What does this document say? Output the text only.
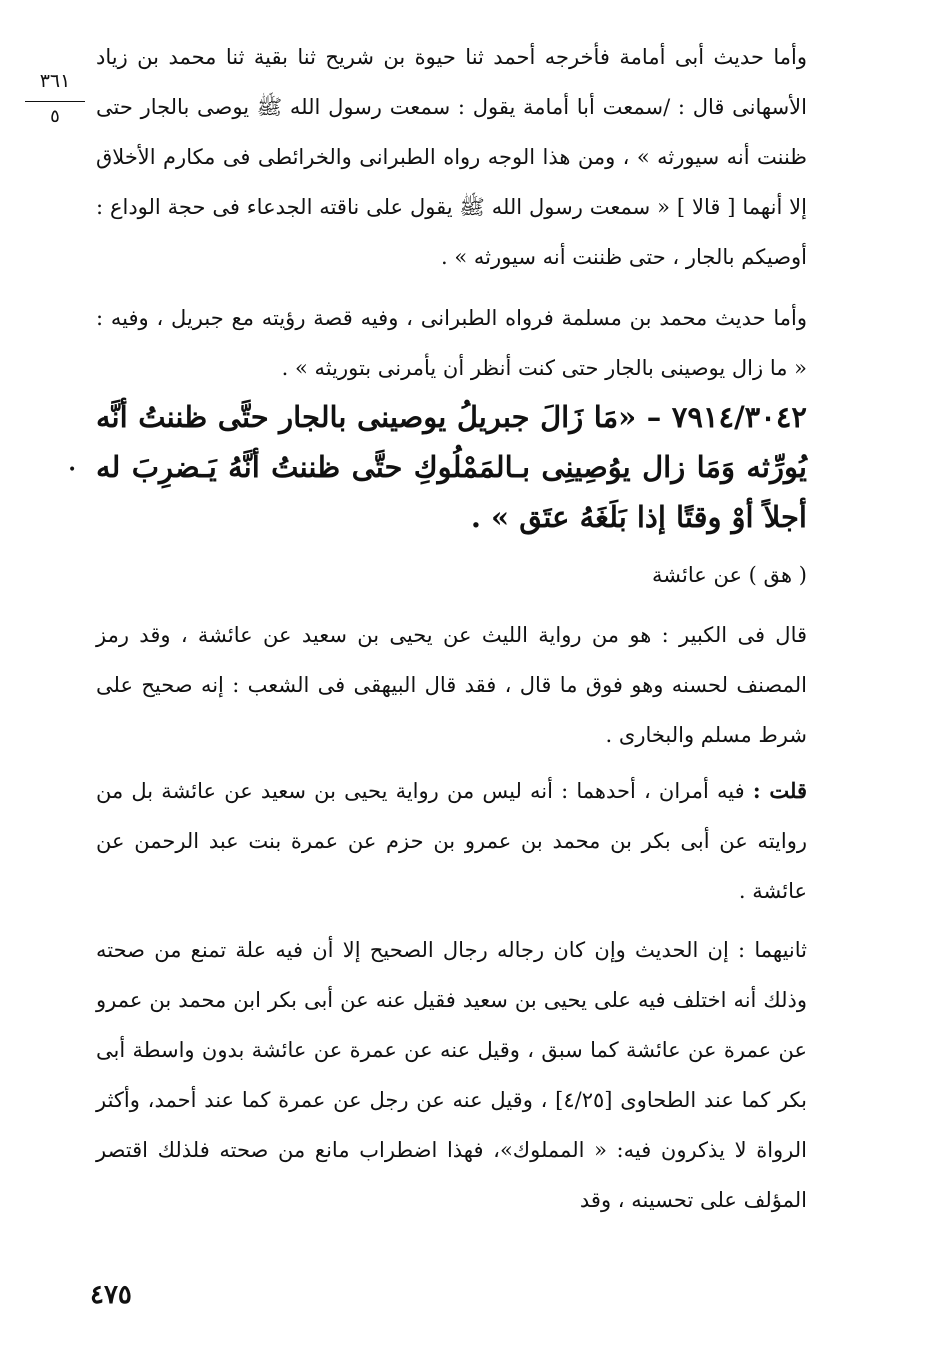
٣٦١
٥

وأما حديث أبى أمامة فأخرجه أحمد ثنا حيوة بن شريح ثنا بقية ثنا محمد بن زياد الأسهانى قال : /سمعت أبا أمامة يقول : سمعت رسول الله ﷺ يوصى بالجار حتى ظننت أنه سيورثه » ، ومن هذا الوجه رواه الطبرانى والخرائطى فى مكارم الأخلاق إلا أنهما [ قالا ] « سمعت رسول الله ﷺ يقول على ناقته الجدعاء فى حجة الوداع : أوصيكم بالجار ، حتى ظننت أنه سيورثه » .

وأما حديث محمد بن مسلمة فرواه الطبرانى ، وفيه قصة رؤيته مع جبريل ، وفيه : « ما زال يوصينى بالجار حتى كنت أنظر أن يأمرنى بتوريثه » .

٧٩١٤/٣٠٤٢ – «مَا زَالَ جبريلُ يوصينى بالجار حتَّى ظننتُ أنَّه يُورِّثه وَمَا زال يوُصِينِى بـالمَمْلُوكِ حتَّى ظننتُ أنَّهُ يَـضرِبَ له أجلاً أوْ وقتًا إذا بَلَغَهُ عتَق » .

•

( هق ) عن عائشة

قال فى الكبير : هو من رواية الليث عن يحيى بن سعيد عن عائشة ، وقد رمز المصنف لحسنه وهو فوق ما قال ، فقد قال البيهقى فى الشعب : إنه صحيح على شرط مسلم والبخارى .

قلت : فيه أمران ، أحدهما : أنه ليس من رواية يحيى بن سعيد عن عائشة بل من روايته عن أبى بكر بن محمد بن عمرو بن حزم عن عمرة بنت عبد الرحمن عن عائشة .

ثانيهما : إن الحديث وإن كان رجاله رجال الصحيح إلا أن فيه علة تمنع من صحته وذلك أنه اختلف فيه على يحيى بن سعيد فقيل عنه عن أبى بكر ابن محمد بن عمرو عن عمرة عن عائشة كما سبق ، وقيل عنه عن عمرة عن عائشة بدون واسطة أبى بكر كما عند الطحاوى [٤/٢٥] ، وقيل عنه عن رجل عن عمرة كما عند أحمد، وأكثر الرواة لا يذكرون فيه: « المملوك»، فهذا اضطراب مانع من صحته فلذلك اقتصر المؤلف على تحسينه ، وقد

٤٧٥
